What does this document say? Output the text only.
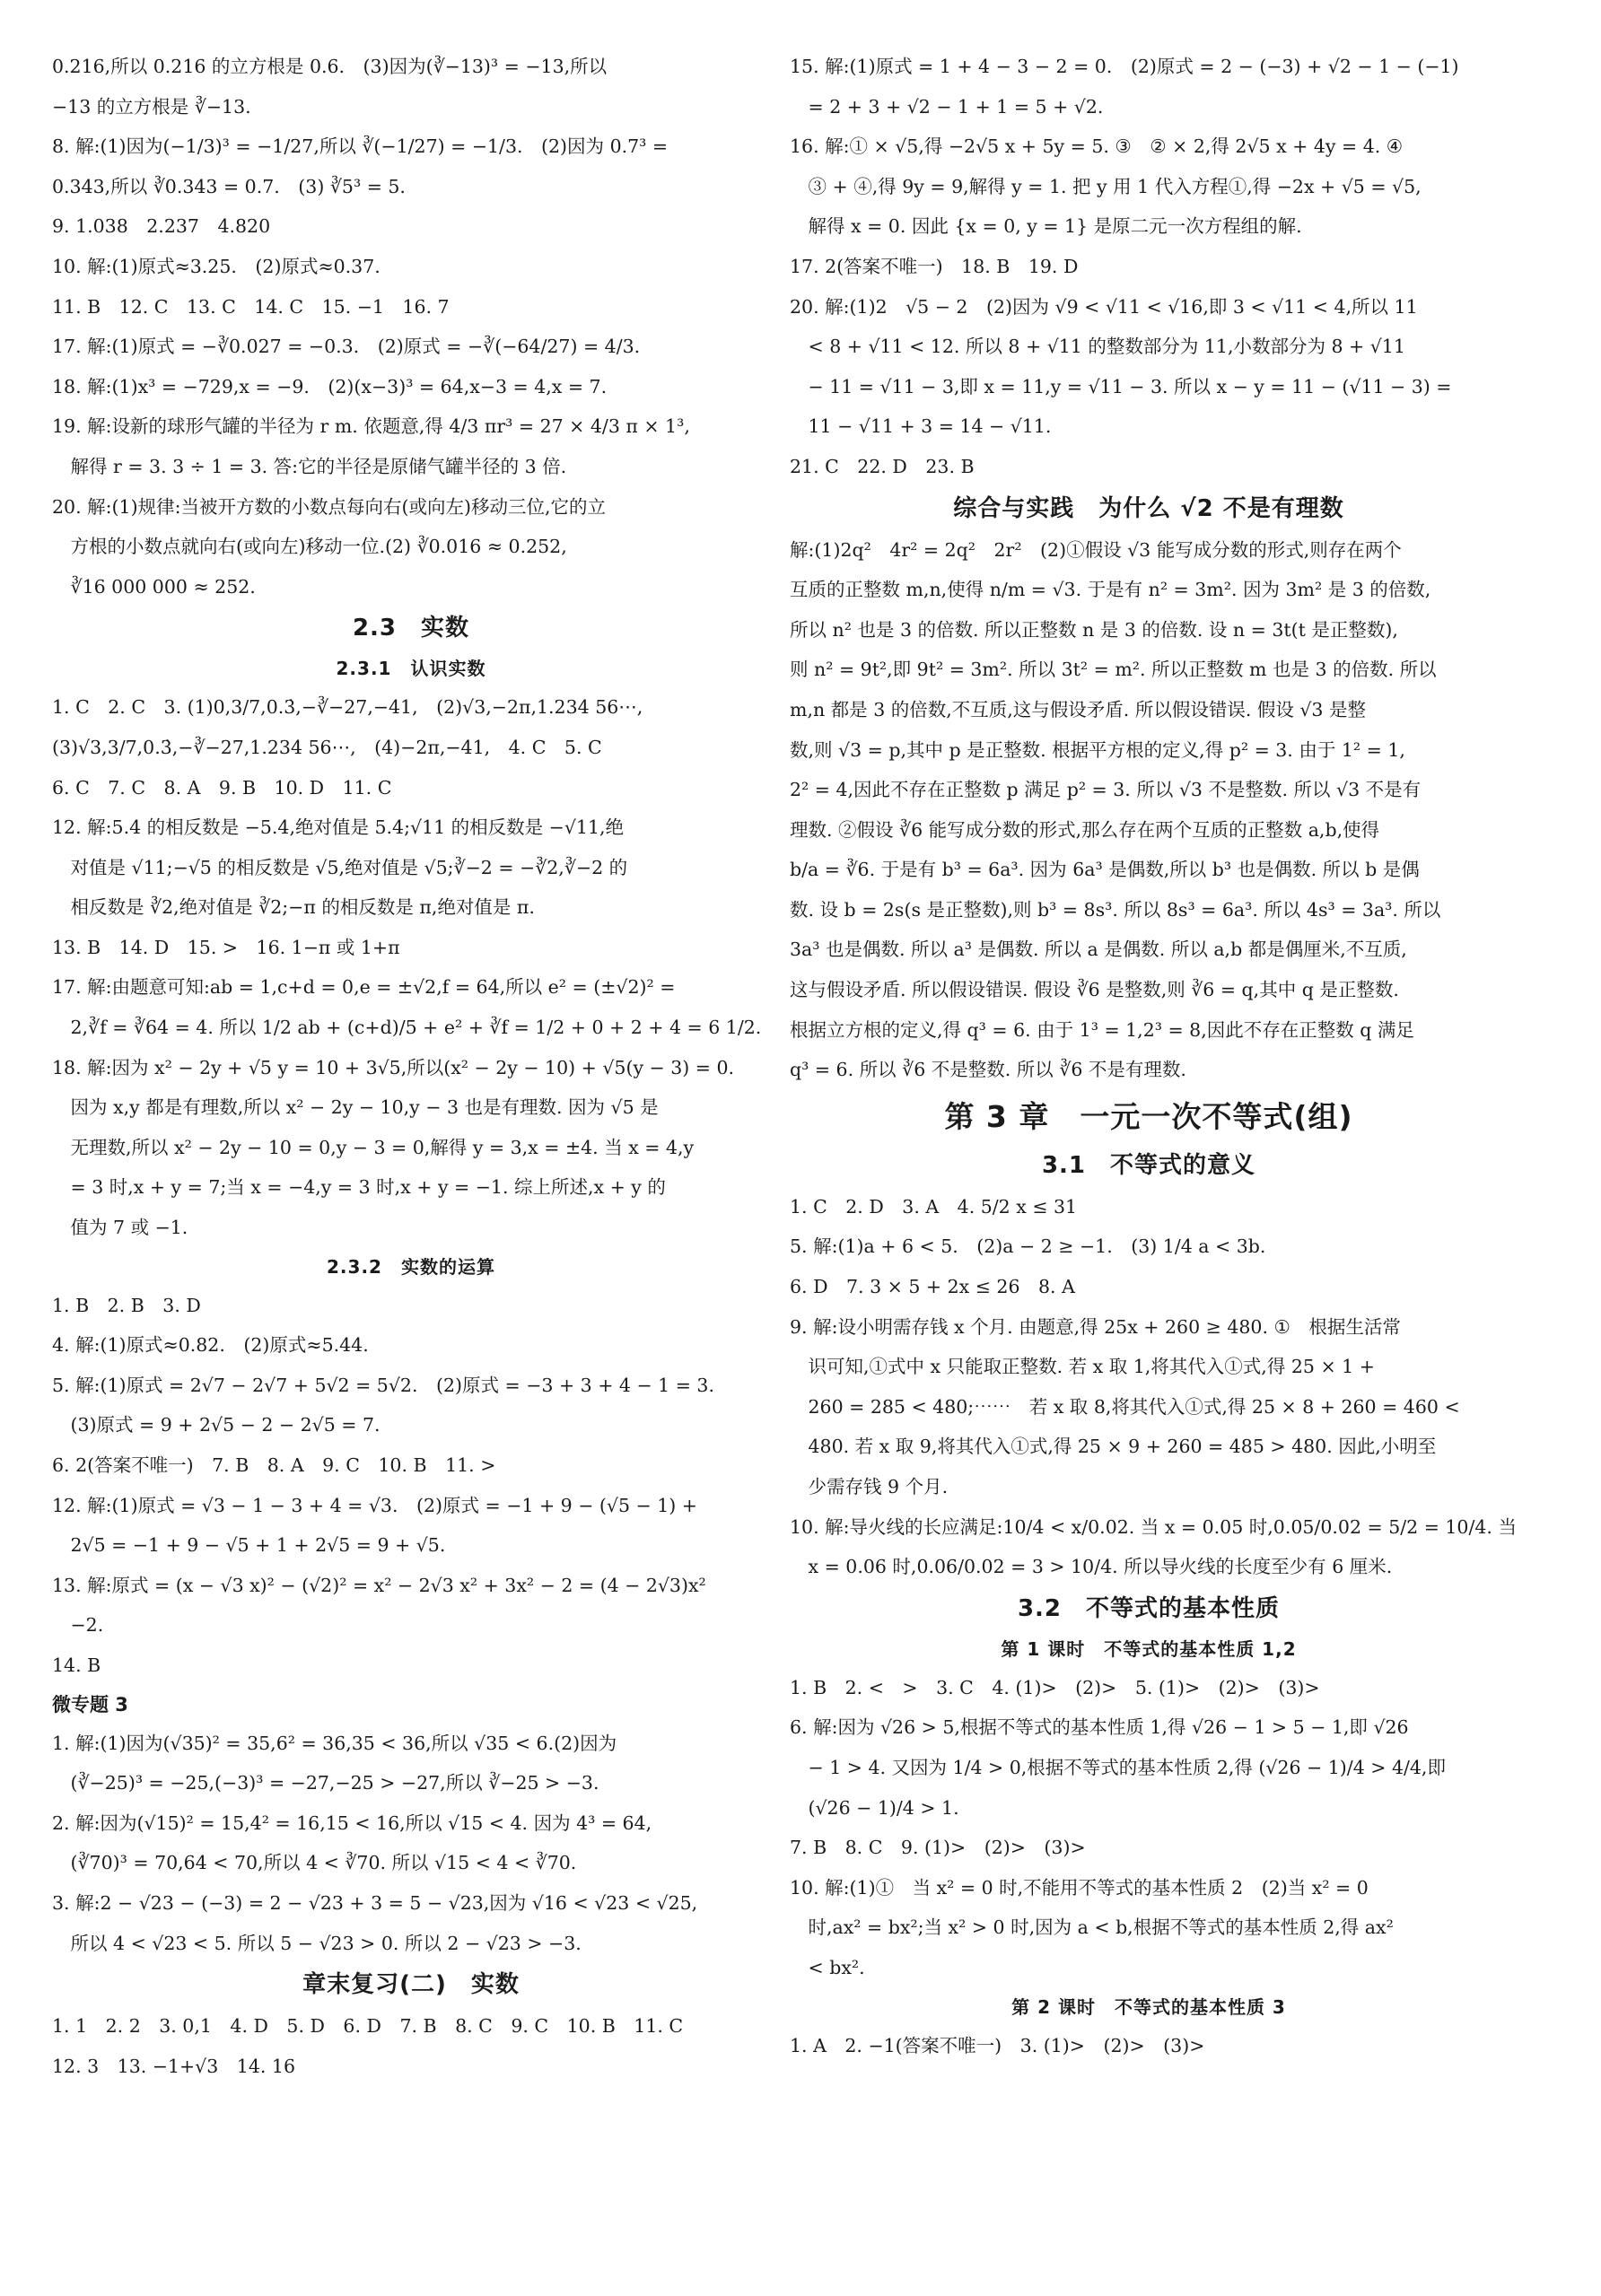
0.216,所以 0.216 的立方根是 0.6.　(3)因为(∛−13)³ = −13,所以
−13 的立方根是 ∛−13.
8. 解:(1)因为(−1/3)³ = −1/27,所以 ∛(−1/27) = −1/3.　(2)因为 0.7³ =
0.343,所以 ∛0.343 = 0.7.　(3) ∛5³ = 5.
9. 1.038　2.237　4.820
10. 解:(1)原式≈3.25.　(2)原式≈0.37.
11. B　12. C　13. C　14. C　15. −1　16. 7
17. 解:(1)原式 = −∛0.027 = −0.3.　(2)原式 = −∛(−64/27) = 4/3.
18. 解:(1)x³ = −729,x = −9.　(2)(x−3)³ = 64,x−3 = 4,x = 7.
19. 解:设新的球形气罐的半径为 r m. 依题意,得 4/3 πr³ = 27 × 4/3 π × 1³,
　解得 r = 3. 3 ÷ 1 = 3. 答:它的半径是原储气罐半径的 3 倍.
20. 解:(1)规律:当被开方数的小数点每向右(或向左)移动三位,它的立
　方根的小数点就向右(或向左)移动一位.(2) ∛0.016 ≈ 0.252,
　∛16 000 000 ≈ 252.
2.3　实数
2.3.1　认识实数
1. C　2. C　3. (1)0,3/7,0.3̇,−∛−27,−41,　(2)√3,−2π,1.234 56⋯,
(3)√3,3/7,0.3̇,−∛−27,1.234 56⋯,　(4)−2π,−41,　4. C　5. C
6. C　7. C　8. A　9. B　10. D　11. C
12. 解:5.4 的相反数是 −5.4,绝对值是 5.4;√11 的相反数是 −√11,绝
　对值是 √11;−√5 的相反数是 √5,绝对值是 √5;∛−2 = −∛2,∛−2 的
　相反数是 ∛2,绝对值是 ∛2;−π 的相反数是 π,绝对值是 π.
13. B　14. D　15. >　16. 1−π 或 1+π
17. 解:由题意可知:ab = 1,c+d = 0,e = ±√2,f = 64,所以 e² = (±√2)² =
　2,∛f = ∛64 = 4. 所以 1/2 ab + (c+d)/5 + e² + ∛f = 1/2 + 0 + 2 + 4 = 6 1/2.
18. 解:因为 x² − 2y + √5 y = 10 + 3√5,所以(x² − 2y − 10) + √5(y − 3) = 0.
　因为 x,y 都是有理数,所以 x² − 2y − 10,y − 3 也是有理数. 因为 √5 是
　无理数,所以 x² − 2y − 10 = 0,y − 3 = 0,解得 y = 3,x = ±4. 当 x = 4,y
　= 3 时,x + y = 7;当 x = −4,y = 3 时,x + y = −1. 综上所述,x + y 的
　值为 7 或 −1.
2.3.2　实数的运算
1. B　2. B　3. D
4. 解:(1)原式≈0.82.　(2)原式≈5.44.
5. 解:(1)原式 = 2√7 − 2√7 + 5√2 = 5√2.　(2)原式 = −3 + 3 + 4 − 1 = 3.
　(3)原式 = 9 + 2√5 − 2 − 2√5 = 7.
6. 2(答案不唯一)　7. B　8. A　9. C　10. B　11. >
12. 解:(1)原式 = √3 − 1 − 3 + 4 = √3.　(2)原式 = −1 + 9 − (√5 − 1) +
　2√5 = −1 + 9 − √5 + 1 + 2√5 = 9 + √5.
13. 解:原式 = (x − √3 x)² − (√2)² = x² − 2√3 x² + 3x² − 2 = (4 − 2√3)x²
　−2.
14. B
微专题 3
1. 解:(1)因为(√35)² = 35,6² = 36,35 < 36,所以 √35 < 6.(2)因为
　(∛−25)³ = −25,(−3)³ = −27,−25 > −27,所以 ∛−25 > −3.
2. 解:因为(√15)² = 15,4² = 16,15 < 16,所以 √15 < 4. 因为 4³ = 64,
　(∛70)³ = 70,64 < 70,所以 4 < ∛70. 所以 √15 < 4 < ∛70.
3. 解:2 − √23 − (−3) = 2 − √23 + 3 = 5 − √23,因为 √16 < √23 < √25,
　所以 4 < √23 < 5. 所以 5 − √23 > 0. 所以 2 − √23 > −3.
章末复习(二)　实数
1. 1　2. 2　3. 0,1　4. D　5. D　6. D　7. B　8. C　9. C　10. B　11. C
12. 3　13. −1+√3　14. 16
15. 解:(1)原式 = 1 + 4 − 3 − 2 = 0.　(2)原式 = 2 − (−3) + √2 − 1 − (−1)
　= 2 + 3 + √2 − 1 + 1 = 5 + √2.
16. 解:① × √5,得 −2√5 x + 5y = 5. ③　② × 2,得 2√5 x + 4y = 4. ④
　③ + ④,得 9y = 9,解得 y = 1. 把 y 用 1 代入方程①,得 −2x + √5 = √5,
　解得 x = 0. 因此 {x = 0, y = 1} 是原二元一次方程组的解.
17. 2(答案不唯一)　18. B　19. D
20. 解:(1)2　√5 − 2　(2)因为 √9 < √11 < √16,即 3 < √11 < 4,所以 11
　< 8 + √11 < 12. 所以 8 + √11 的整数部分为 11,小数部分为 8 + √11
　− 11 = √11 − 3,即 x = 11,y = √11 − 3. 所以 x − y = 11 − (√11 − 3) =
　11 − √11 + 3 = 14 − √11.
21. C　22. D　23. B
综合与实践　为什么 √2 不是有理数
解:(1)2q²　4r² = 2q²　2r²　(2)①假设 √3 能写成分数的形式,则存在两个
互质的正整数 m,n,使得 n/m = √3. 于是有 n² = 3m². 因为 3m² 是 3 的倍数,
所以 n² 也是 3 的倍数. 所以正整数 n 是 3 的倍数. 设 n = 3t(t 是正整数),
则 n² = 9t²,即 9t² = 3m². 所以 3t² = m². 所以正整数 m 也是 3 的倍数. 所以
m,n 都是 3 的倍数,不互质,这与假设矛盾. 所以假设错误. 假设 √3 是整
数,则 √3 = p,其中 p 是正整数. 根据平方根的定义,得 p² = 3. 由于 1² = 1,
2² = 4,因此不存在正整数 p 满足 p² = 3. 所以 √3 不是整数. 所以 √3 不是有
理数. ②假设 ∛6 能写成分数的形式,那么存在两个互质的正整数 a,b,使得
b/a = ∛6. 于是有 b³ = 6a³. 因为 6a³ 是偶数,所以 b³ 也是偶数. 所以 b 是偶
数. 设 b = 2s(s 是正整数),则 b³ = 8s³. 所以 8s³ = 6a³. 所以 4s³ = 3a³. 所以
3a³ 也是偶数. 所以 a³ 是偶数. 所以 a 是偶数. 所以 a,b 都是偶厘米,不互质,
这与假设矛盾. 所以假设错误. 假设 ∛6 是整数,则 ∛6 = q,其中 q 是正整数.
根据立方根的定义,得 q³ = 6. 由于 1³ = 1,2³ = 8,因此不存在正整数 q 满足
q³ = 6. 所以 ∛6 不是整数. 所以 ∛6 不是有理数.
第 3 章　一元一次不等式(组)
3.1　不等式的意义
1. C　2. D　3. A　4. 5/2 x ≤ 31
5. 解:(1)a + 6 < 5.　(2)a − 2 ≥ −1.　(3) 1/4 a < 3b.
6. D　7. 3 × 5 + 2x ≤ 26　8. A
9. 解:设小明需存钱 x 个月. 由题意,得 25x + 260 ≥ 480. ①　根据生活常
　识可知,①式中 x 只能取正整数. 若 x 取 1,将其代入①式,得 25 × 1 +
　260 = 285 < 480;⋯⋯　若 x 取 8,将其代入①式,得 25 × 8 + 260 = 460 <
　480. 若 x 取 9,将其代入①式,得 25 × 9 + 260 = 485 > 480. 因此,小明至
　少需存钱 9 个月.
10. 解:导火线的长应满足:10/4 < x/0.02. 当 x = 0.05 时,0.05/0.02 = 5/2 = 10/4. 当
　x = 0.06 时,0.06/0.02 = 3 > 10/4. 所以导火线的长度至少有 6 厘米.
3.2　不等式的基本性质
第 1 课时　不等式的基本性质 1,2
1. B　2. <　>　3. C　4. (1)>　(2)>　5. (1)>　(2)>　(3)>
6. 解:因为 √26 > 5,根据不等式的基本性质 1,得 √26 − 1 > 5 − 1,即 √26
　− 1 > 4. 又因为 1/4 > 0,根据不等式的基本性质 2,得 (√26 − 1)/4 > 4/4,即
　(√26 − 1)/4 > 1.
7. B　8. C　9. (1)>　(2)>　(3)>
10. 解:(1)①　当 x² = 0 时,不能用不等式的基本性质 2　(2)当 x² = 0
　时,ax² = bx²;当 x² > 0 时,因为 a < b,根据不等式的基本性质 2,得 ax²
　< bx².
第 2 课时　不等式的基本性质 3
1. A　2. −1(答案不唯一)　3. (1)>　(2)>　(3)>
